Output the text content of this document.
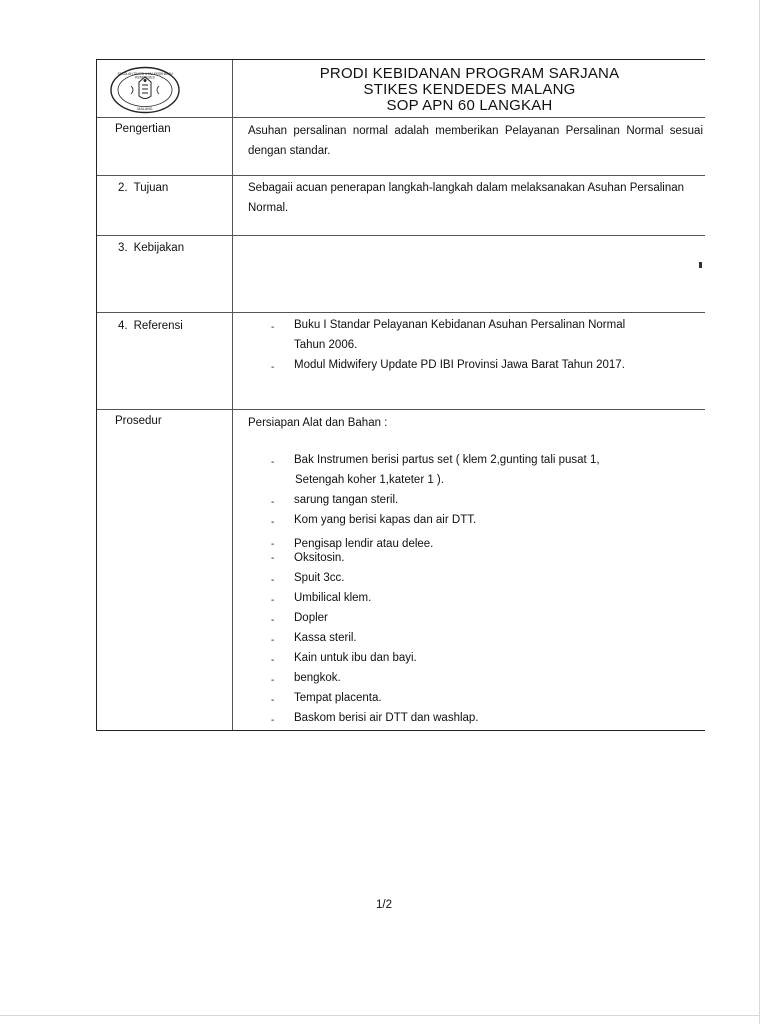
SEKOLAH TINGGI ILMU KESEHATAN
KENDEDES
MALANG
PRODI KEBIDANAN PROGRAM SARJANA
STIKES KENDEDES MALANG
SOP APN 60 LANGKAH
Pengertian	Asuhan persalinan normal adalah memberikan Pelayanan Persalinan Normal sesuai dengan standar.
2. Tujuan	Sebagaii acuan penerapan langkah-langkah dalam melaksanakan Asuhan Persalinan Normal.
3. Kebijakan
4. Referensi	- Buku I Standar Pelayanan Kebidanan Asuhan Persalinan Normal
Tahun 2006.
- Modul Midwifery Update PD IBI Provinsi Jawa Barat Tahun 2017.
Prosedur	Persiapan Alat dan Bahan :
- Bak Instrumen berisi partus set ( klem 2,gunting tali pusat 1,
Setengah koher 1,kateter 1 ).
- sarung tangan steril.
- Kom yang berisi kapas dan air DTT.
- Pengisap lendir atau delee.
- Oksitosin.
- Spuit 3cc.
- Umbilical klem.
- Dopler
- Kassa steril.
- Kain untuk ibu dan bayi.
- bengkok.
- Tempat placenta.
- Baskom berisi air DTT dan washlap.
1/2
